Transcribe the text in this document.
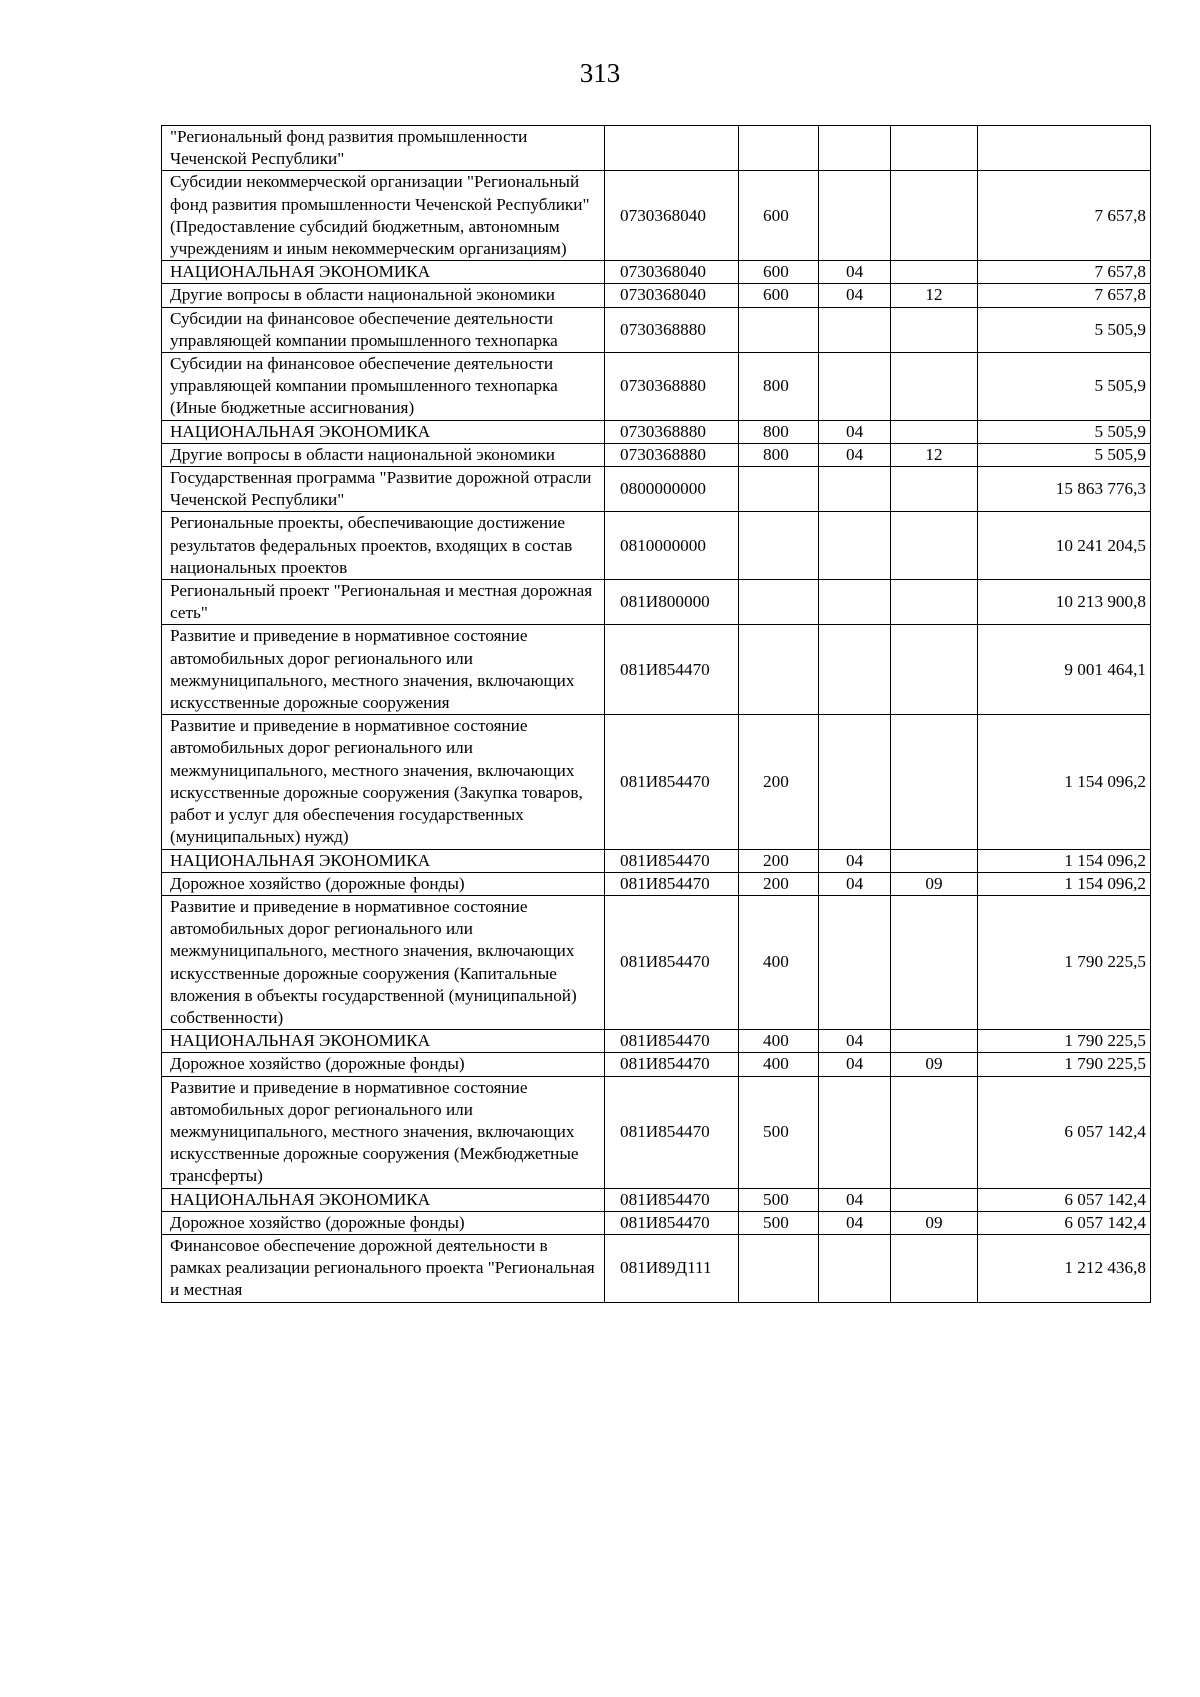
313
"Региональный фонд развития промышленности Чеченской Республики"					
Субсидии некоммерческой организации "Региональный фонд развития промышленности Чеченской Республики" (Предоставление субсидий бюджетным, автономным учреждениям и иным некоммерческим организациям)	0730368040	600			7 657,8
НАЦИОНАЛЬНАЯ ЭКОНОМИКА	0730368040	600	04		7 657,8
Другие вопросы в области национальной экономики	0730368040	600	04	12	7 657,8
Субсидии на финансовое обеспечение деятельности управляющей компании промышленного технопарка	0730368880				5 505,9
Субсидии на финансовое обеспечение деятельности управляющей компании промышленного технопарка (Иные бюджетные ассигнования)	0730368880	800			5 505,9
НАЦИОНАЛЬНАЯ ЭКОНОМИКА	0730368880	800	04		5 505,9
Другие вопросы в области национальной экономики	0730368880	800	04	12	5 505,9
Государственная программа "Развитие дорожной отрасли Чеченской Республики"	0800000000				15 863 776,3
Региональные проекты, обеспечивающие достижение результатов федеральных проектов, входящих в состав национальных проектов	0810000000				10 241 204,5
Региональный проект "Региональная и местная дорожная сеть"	081И800000				10 213 900,8
Развитие и приведение в нормативное состояние автомобильных дорог регионального или межмуниципального, местного значения, включающих искусственные дорожные сооружения	081И854470				9 001 464,1
Развитие и приведение в нормативное состояние автомобильных дорог регионального или межмуниципального, местного значения, включающих искусственные дорожные сооружения (Закупка товаров, работ и услуг для обеспечения государственных (муниципальных) нужд)	081И854470	200			1 154 096,2
НАЦИОНАЛЬНАЯ ЭКОНОМИКА	081И854470	200	04		1 154 096,2
Дорожное хозяйство (дорожные фонды)	081И854470	200	04	09	1 154 096,2
Развитие и приведение в нормативное состояние автомобильных дорог регионального или межмуниципального, местного значения, включающих искусственные дорожные сооружения (Капитальные вложения в объекты государственной (муниципальной) собственности)	081И854470	400			1 790 225,5
НАЦИОНАЛЬНАЯ ЭКОНОМИКА	081И854470	400	04		1 790 225,5
Дорожное хозяйство (дорожные фонды)	081И854470	400	04	09	1 790 225,5
Развитие и приведение в нормативное состояние автомобильных дорог регионального или межмуниципального, местного значения, включающих искусственные дорожные сооружения (Межбюджетные трансферты)	081И854470	500			6 057 142,4
НАЦИОНАЛЬНАЯ ЭКОНОМИКА	081И854470	500	04		6 057 142,4
Дорожное хозяйство (дорожные фонды)	081И854470	500	04	09	6 057 142,4
Финансовое обеспечение дорожной деятельности в рамках реализации регионального проекта "Региональная и местная	081И89Д111				1 212 436,8
